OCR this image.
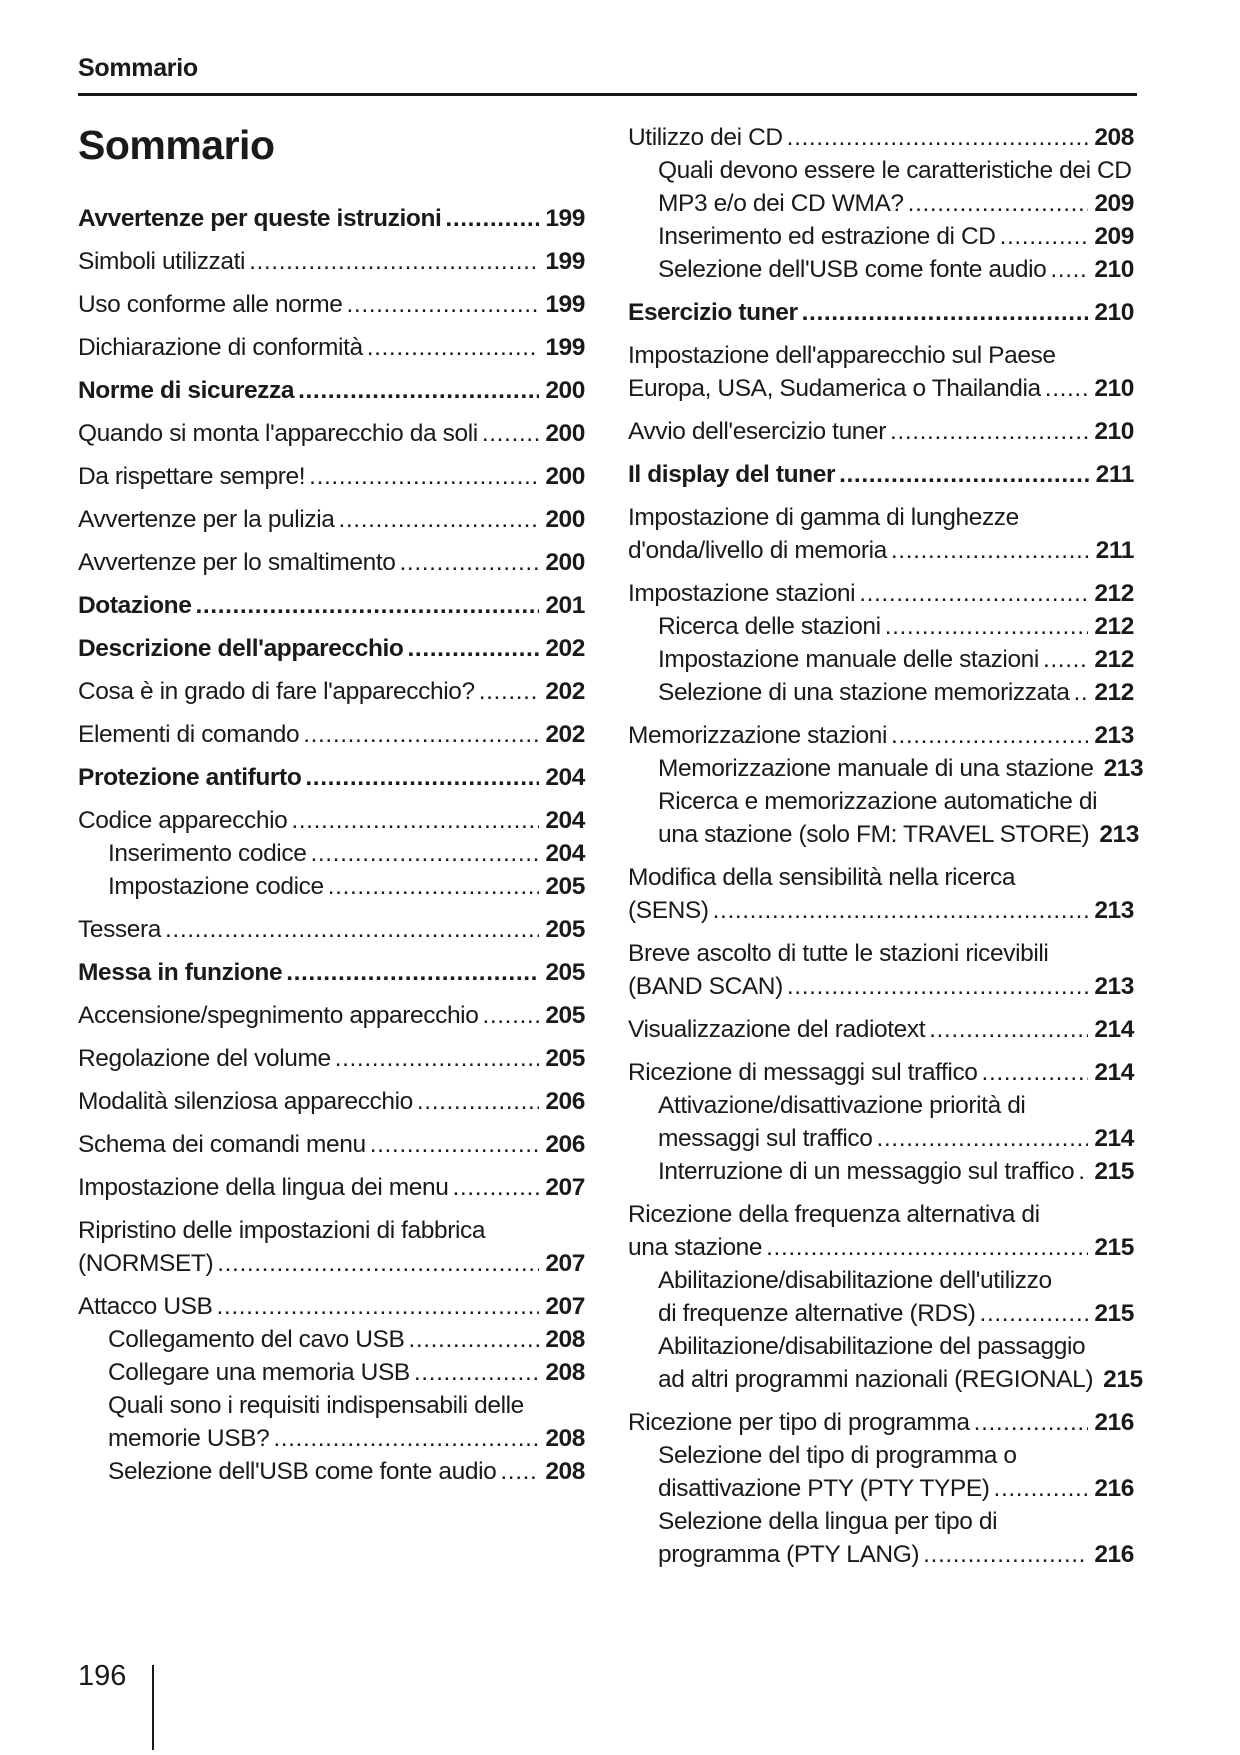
Sommario
Sommario
Avvertenze per queste istruzioni .....	199
Simboli utilizzati .....	199
Uso conforme alle norme .....	199
Dichiarazione di conformità .....	199
Norme di sicurezza .....	200
Quando si monta l'apparecchio da soli .....	200
Da rispettare sempre! .....	200
Avvertenze per la pulizia .....	200
Avvertenze per lo smaltimento .....	200
Dotazione .....	201
Descrizione dell'apparecchio .....	202
Cosa è in grado di fare l'apparecchio? .....	202
Elementi di comando .....	202
Protezione antifurto .....	204
Codice apparecchio .....	204
Inserimento codice .....	204
Impostazione codice .....	205
Tessera .....	205
Messa in funzione .....	205
Accensione/spegnimento apparecchio .....	205
Regolazione del volume .....	205
Modalità silenziosa apparecchio .....	206
Schema dei comandi menu .....	206
Impostazione della lingua dei menu .....	207
Ripristino delle impostazioni di fabbrica
(NORMSET) .....	207
Attacco USB .....	207
Collegamento del cavo USB .....	208
Collegare una memoria USB .....	208
Quali sono i requisiti indispensabili delle
memorie USB? .....	208
Selezione dell'USB come fonte audio ..... 208
Utilizzo dei CD .....	208
Quali devono essere le caratteristiche dei CD
MP3 e/o dei CD WMA? .....	209
Inserimento ed estrazione di CD .....	209
Selezione dell'USB come fonte audio ..... 210
Esercizio tuner .....	210
Impostazione dell'apparecchio sul Paese
Europa, USA, Sudamerica o Thailandia ..... 210
Avvio dell'esercizio tuner .....	210
Il display del tuner .....	211
Impostazione di gamma di lunghezze
d'onda/livello di memoria .....	211
Impostazione stazioni .....	212
Ricerca delle stazioni .....	212
Impostazione manuale delle stazioni ..... 212
Selezione di una stazione memorizzata ..... 212
Memorizzazione stazioni .....	213
Memorizzazione manuale di una stazione 213
Ricerca e memorizzazione automatiche di
una stazione (solo FM: TRAVEL STORE) 213
Modifica della sensibilità nella ricerca
(SENS) .....	213
Breve ascolto di tutte le stazioni ricevibili
(BAND SCAN) .....	213
Visualizzazione del radiotext .....	214
Ricezione di messaggi sul traffico .....	214
Attivazione/disattivazione priorità di
messaggi sul traffico .....	214
Interruzione di un messaggio sul traffico ..... 215
Ricezione della frequenza alternativa di
una stazione .....	215
Abilitazione/disabilitazione dell'utilizzo
di frequenze alternative (RDS) .....	215
Abilitazione/disabilitazione del passaggio
ad altri programmi nazionali (REGIONAL) 215
Ricezione per tipo di programma .....	216
Selezione del tipo di programma o
disattivazione PTY (PTY TYPE) .....	216
Selezione della lingua per tipo di
programma (PTY LANG) .....	216
196
